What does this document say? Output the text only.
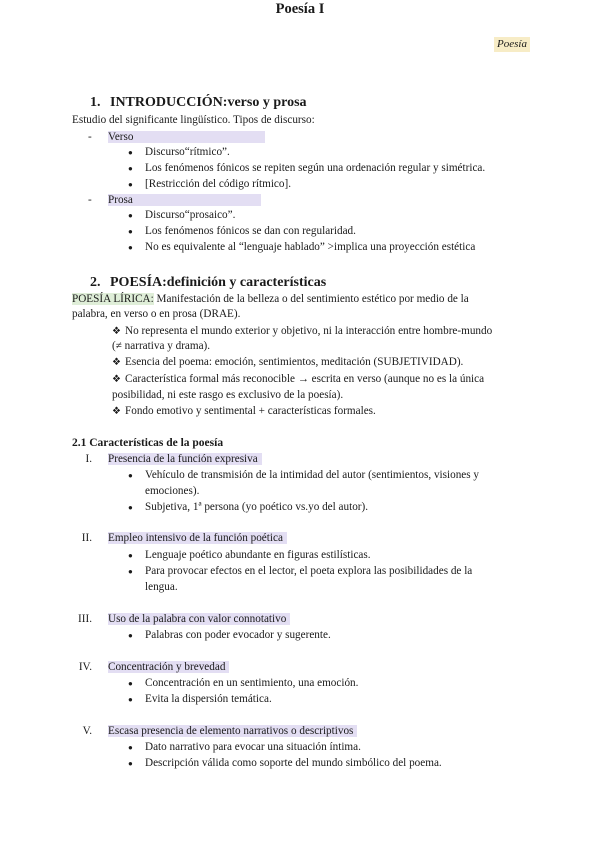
Poesía
Poesía I
1. INTRODUCCIÓN:verso y prosa
Estudio del significante lingüístico. Tipos de discurso:
- Verso
● Discurso“rítmico”.
● Los fenómenos fónicos se repiten según una ordenación regular y simétrica.
● [Restricción del código rítmico].
- Prosa
● Discurso“prosaico”.
● Los fenómenos fónicos se dan con regularidad.
● No es equivalente al “lenguaje hablado” >implica una proyección estética
2. POESÍA:definición y características
POESÍA LÍRICA: Manifestación de la belleza o del sentimiento estético por medio de la
palabra, en verso o en prosa (DRAE).
❖ No representa el mundo exterior y objetivo, ni la interacción entre hombre-mundo
(≠ narrativa y drama).
❖ Esencia del poema: emoción, sentimientos, meditación (SUBJETIVIDAD).
❖ Característica formal más reconocible → escrita en verso (aunque no es la única
posibilidad, ni este rasgo es exclusivo de la poesía).
❖ Fondo emotivo y sentimental + características formales.
2.1 Características de la poesía
I. Presencia de la función expresiva
● Vehículo de transmisión de la intimidad del autor (sentimientos, visiones y
emociones).
● Subjetiva, 1ª persona (yo poético vs.yo del autor).
II. Empleo intensivo de la función poética
● Lenguaje poético abundante en figuras estilísticas.
● Para provocar efectos en el lector, el poeta explora las posibilidades de la
lengua.
III. Uso de la palabra con valor connotativo
● Palabras con poder evocador y sugerente.
IV. Concentración y brevedad
● Concentración en un sentimiento, una emoción.
● Evita la dispersión temática.
V. Escasa presencia de elemento narrativos o descriptivos
● Dato narrativo para evocar una situación íntima.
● Descripción válida como soporte del mundo simbólico del poema.
